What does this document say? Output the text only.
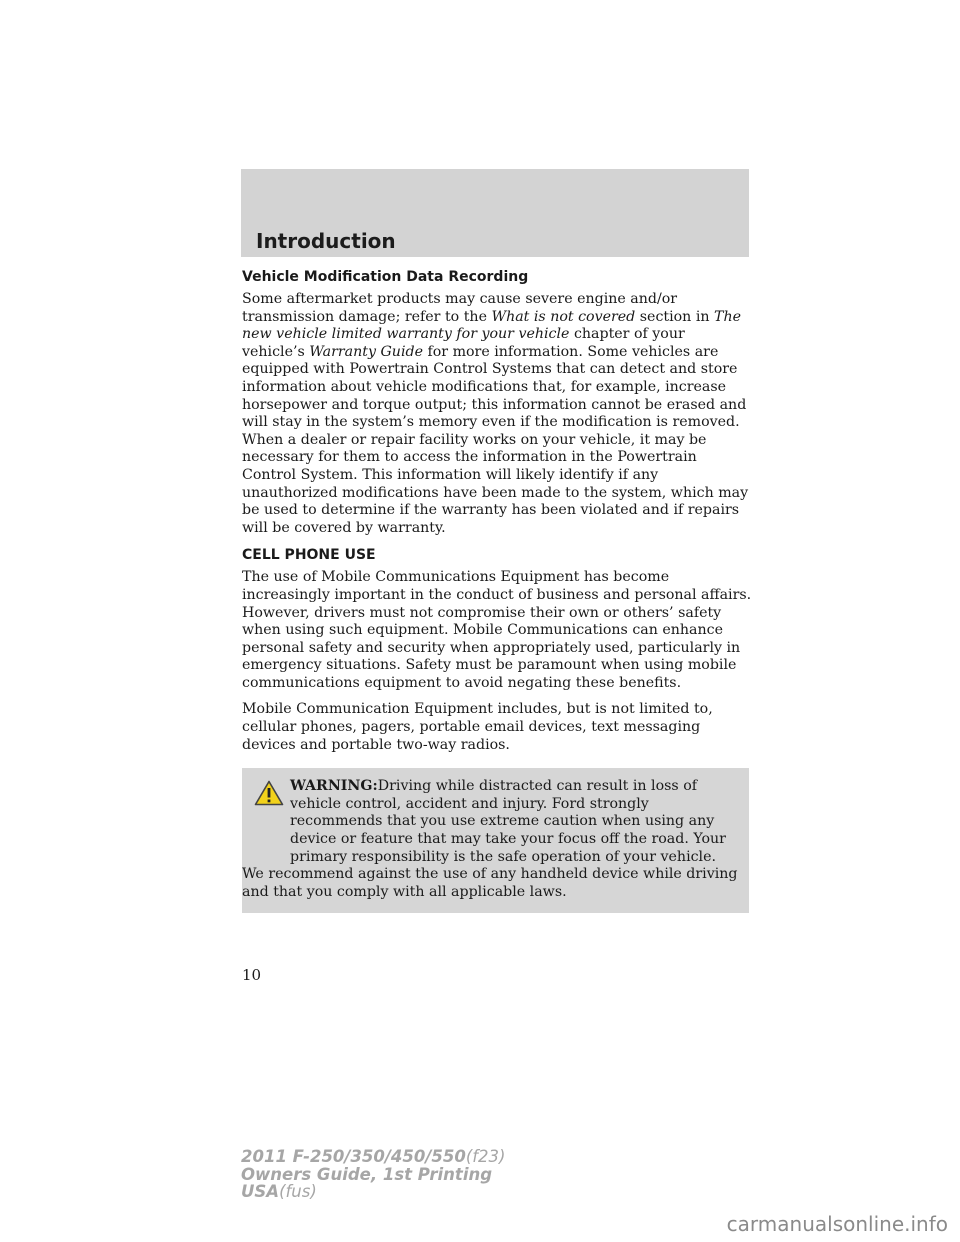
Introduction
Vehicle Modification Data Recording

Some aftermarket products may cause severe engine and/or transmission damage; refer to the What is not covered section in The new vehicle limited warranty for your vehicle chapter of your vehicle’s Warranty Guide for more information. Some vehicles are equipped with Powertrain Control Systems that can detect and store information about vehicle modifications that, for example, increase horsepower and torque output; this information cannot be erased and will stay in the system’s memory even if the modification is removed. When a dealer or repair facility works on your vehicle, it may be necessary for them to access the information in the Powertrain Control System. This information will likely identify if any unauthorized modifications have been made to the system, which may be used to determine if the warranty has been violated and if repairs will be covered by warranty.

CELL PHONE USE

The use of Mobile Communications Equipment has become increasingly important in the conduct of business and personal affairs. However, drivers must not compromise their own or others’ safety when using such equipment. Mobile Communications can enhance personal safety and security when appropriately used, particularly in emergency situations. Safety must be paramount when using mobile communications equipment to avoid negating these benefits.

Mobile Communication Equipment includes, but is not limited to, cellular phones, pagers, portable email devices, text messaging devices and portable two-way radios.

WARNING:Driving while distracted can result in loss of vehicle control, accident and injury. Ford strongly recommends that you use extreme caution when using any device or feature that may take your focus off the road. Your primary responsibility is the safe operation of your vehicle.
We recommend against the use of any handheld device while driving and that you comply with all applicable laws.
10
2011 F-250/350/450/550(f23)
Owners Guide, 1st Printing
USA(fus)
carmanualsonline.info
